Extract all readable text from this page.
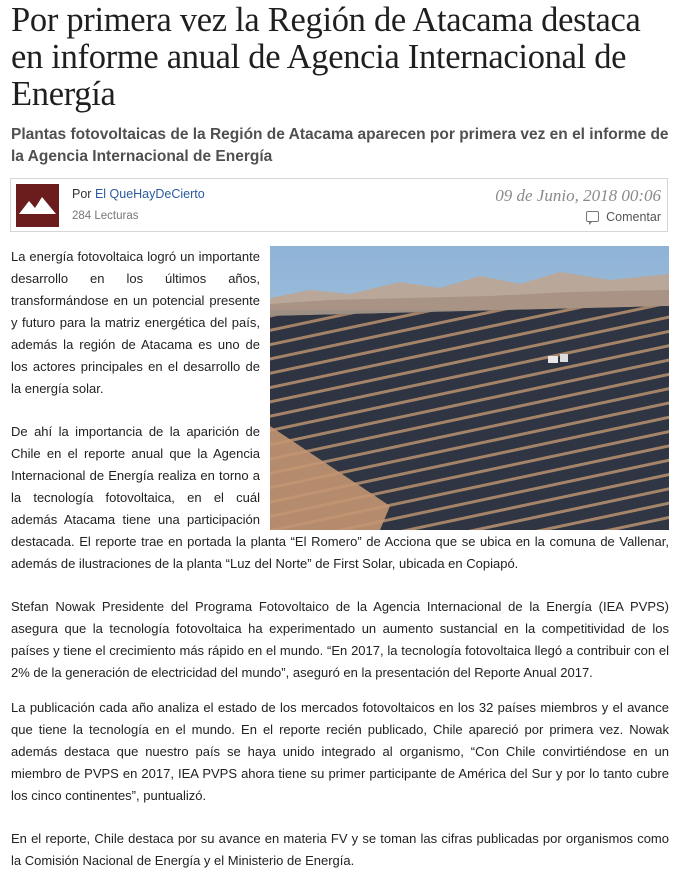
Por primera vez la Región de Atacama destaca en informe anual de Agencia Internacional de Energía
Plantas fotovoltaicas de la Región de Atacama aparecen por primera vez en el informe de la Agencia Internacional de Energía
Por El QueHayDeCierto
284 Lecturas
09 de Junio, 2018 00:06
Comentar

La energía fotovoltaica logró un importante desarrollo en los últimos años, transformándose en un potencial presente y futuro para la matriz energética del país, además la región de Atacama es uno de los actores principales en el desarrollo de la energía solar.

De ahí la importancia de la aparición de Chile en el reporte anual que la Agencia Internacional de Energía realiza en torno a la tecnología fotovoltaica, en el cuál además Atacama tiene una participación destacada. El reporte trae en portada la planta “El Romero” de Acciona que se ubica en la comuna de Vallenar, además de ilustraciones de la planta “Luz del Norte” de First Solar, ubicada en Copiapó.

Stefan Nowak Presidente del Programa Fotovoltaico de la Agencia Internacional de la Energía (IEA PVPS) asegura que la tecnología fotovoltaica ha experimentado un aumento sustancial en la competitividad de los países y tiene el crecimiento más rápido en el mundo. “En 2017, la tecnología fotovoltaica llegó a contribuir con el 2% de la generación de electricidad del mundo”, aseguró en la presentación del Reporte Anual 2017.

La publicación cada año analiza el estado de los mercados fotovoltaicos en los 32 países miembros y el avance que tiene la tecnología en el mundo. En el reporte recién publicado, Chile apareció por primera vez. Nowak además destaca que nuestro país se haya unido integrado al organismo, “Con Chile convirtiéndose en un miembro de PVPS en 2017, IEA PVPS ahora tiene su primer participante de América del Sur y por lo tanto cubre los cinco continentes”, puntualizó.

En el reporte, Chile destaca por su avance en materia FV y se toman las cifras publicadas por organismos como la Comisión Nacional de Energía y el Ministerio de Energía.
